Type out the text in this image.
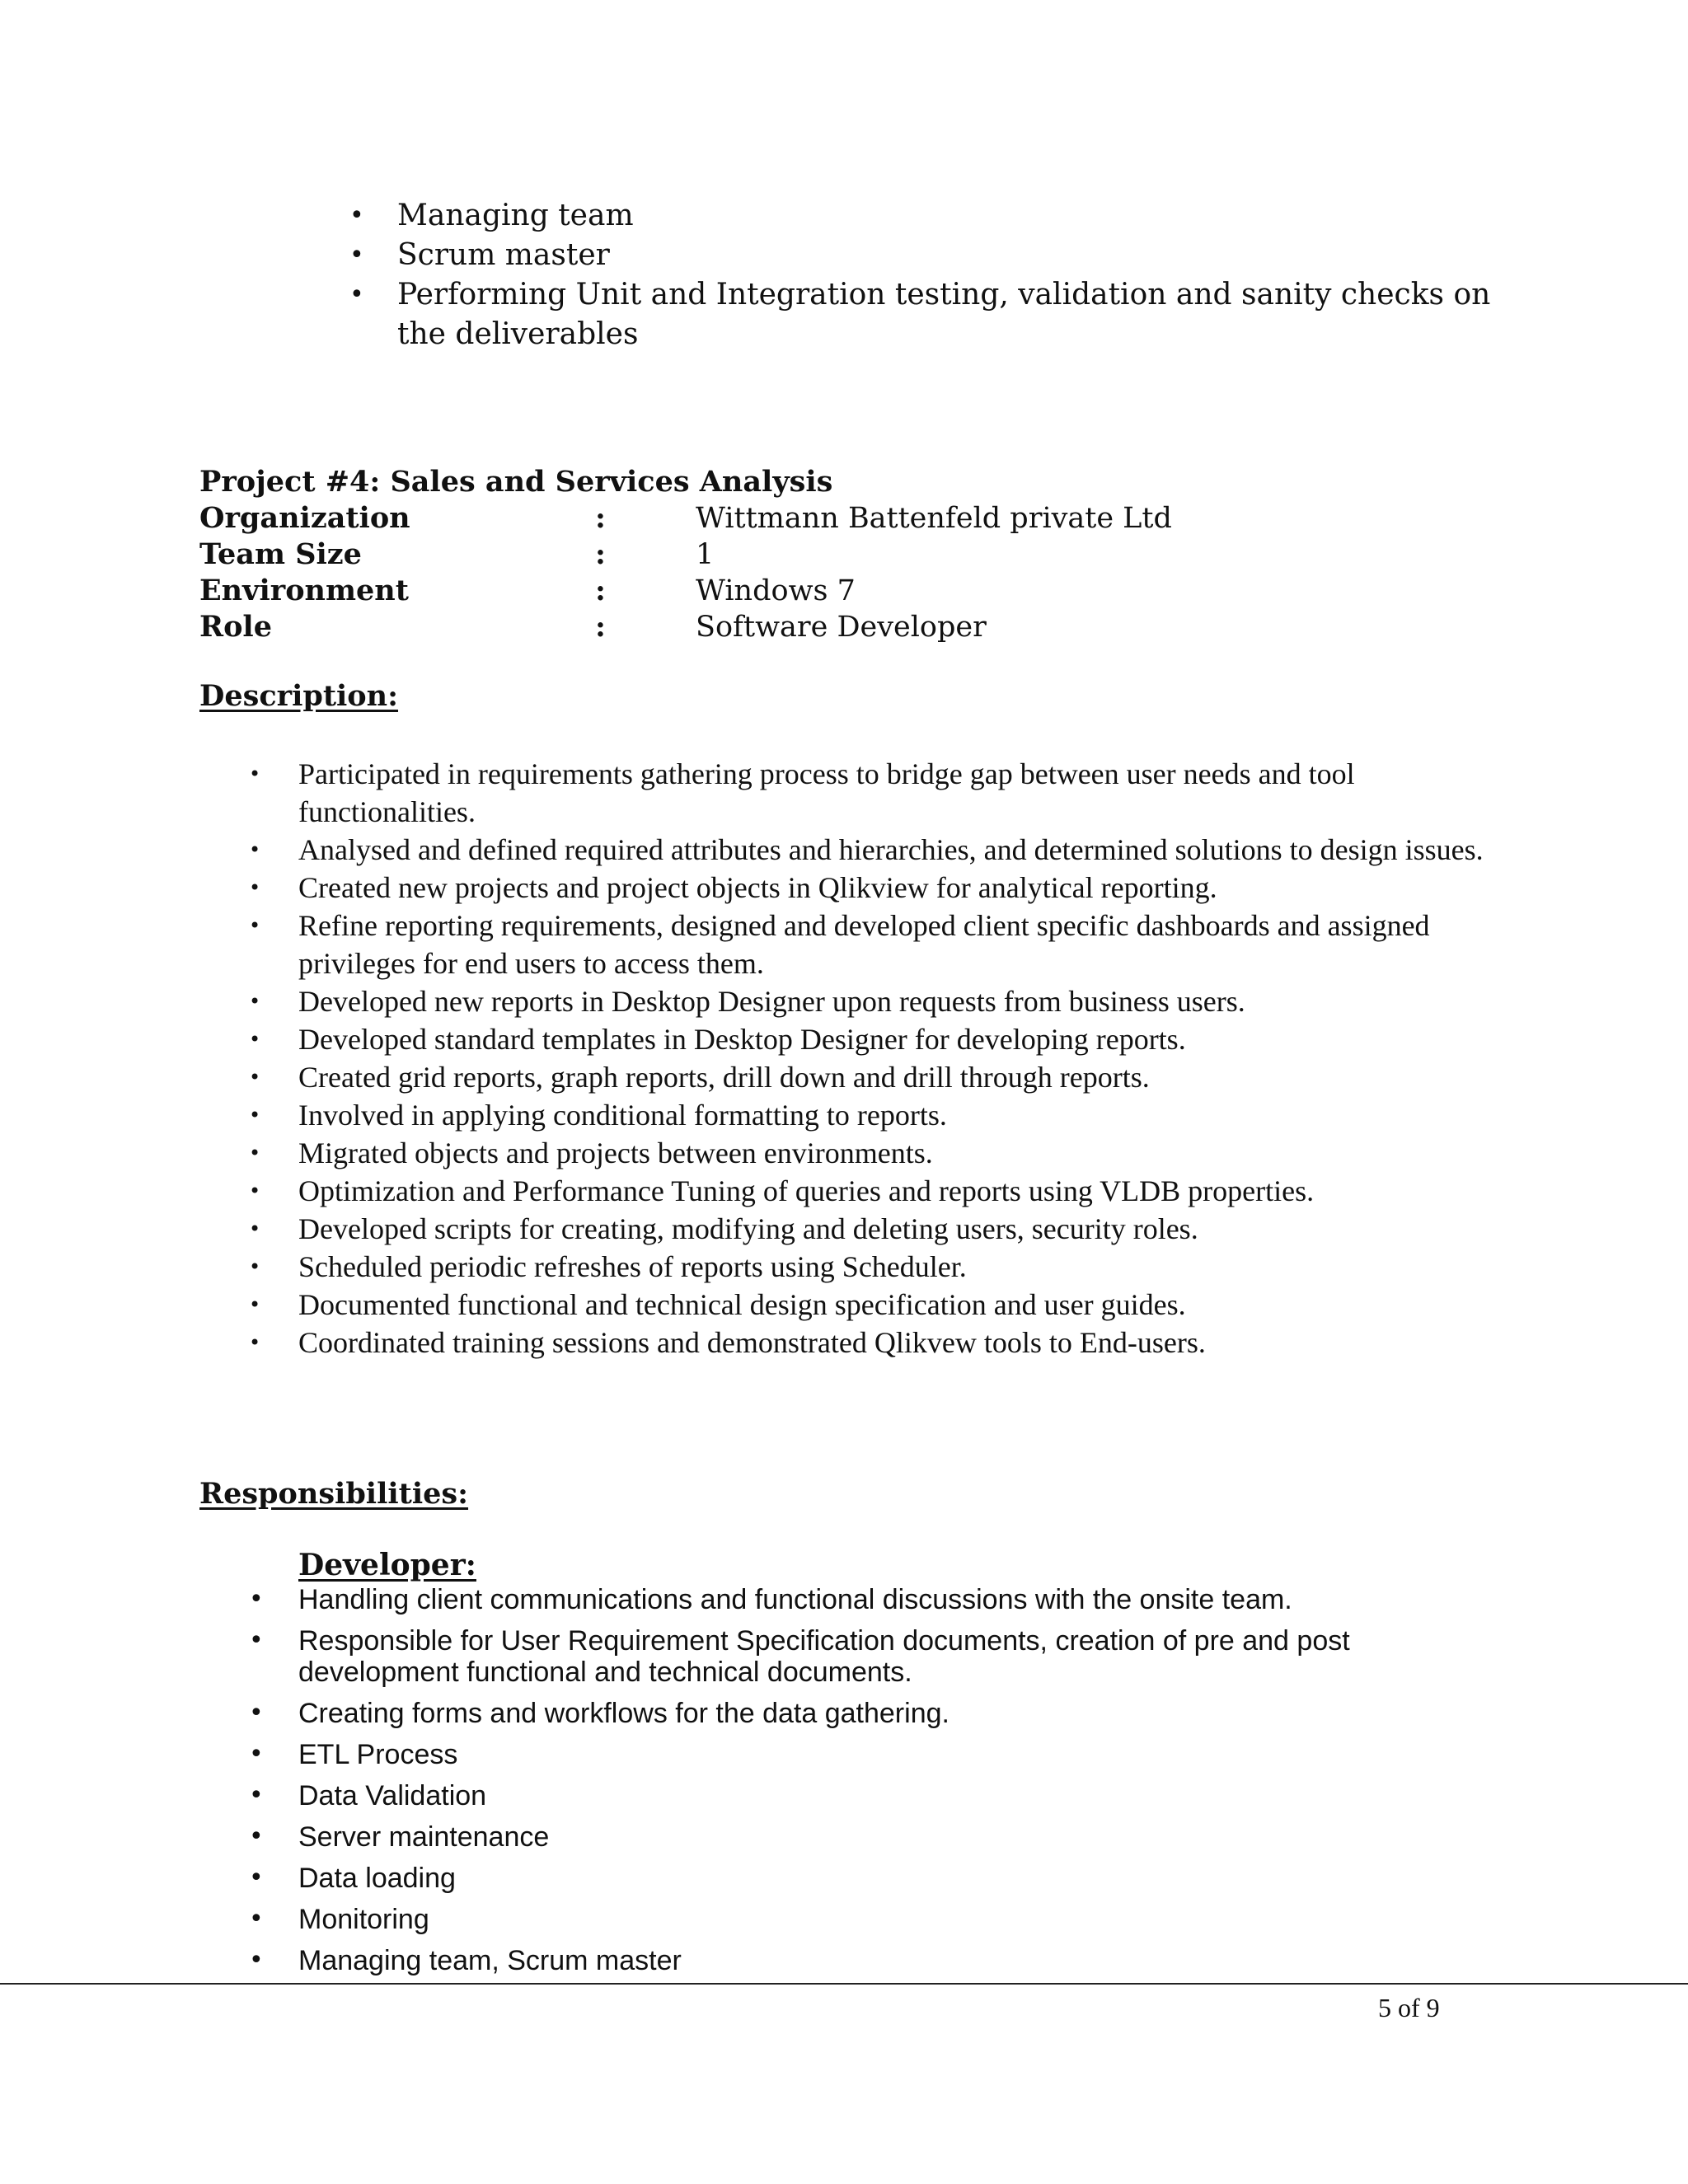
• Managing team
• Scrum master
• Performing Unit and Integration testing, validation and sanity checks on the deliverables
Project #4: Sales and Services Analysis
Organization	:	Wittmann Battenfeld private Ltd
Team Size	:	1
Environment	:	Windows 7
Role	:	Software Developer
Description:
• Participated in requirements gathering process to bridge gap between user needs and tool functionalities.
• Analysed and defined required attributes and hierarchies, and determined solutions to design issues.
• Created new projects and project objects in Qlikview for analytical reporting.
• Refine reporting requirements, designed and developed client specific dashboards and assigned privileges for end users to access them.
• Developed new reports in Desktop Designer upon requests from business users.
• Developed standard templates in Desktop Designer for developing reports.
• Created grid reports, graph reports, drill down and drill through reports.
• Involved in applying conditional formatting to reports.
• Migrated objects and projects between environments.
• Optimization and Performance Tuning of queries and reports using VLDB properties.
• Developed scripts for creating, modifying and deleting users, security roles.
• Scheduled periodic refreshes of reports using Scheduler.
• Documented functional and technical design specification and user guides.
• Coordinated training sessions and demonstrated Qlikvew tools to End-users.
Responsibilities:
Developer:
• Handling client communications and functional discussions with the onsite team.
• Responsible for User Requirement Specification documents, creation of pre and post development functional and technical documents.
• Creating forms and workflows for the data gathering.
• ETL Process
• Data Validation
• Server maintenance
• Data loading
• Monitoring
• Managing team, Scrum master
5 of 9
